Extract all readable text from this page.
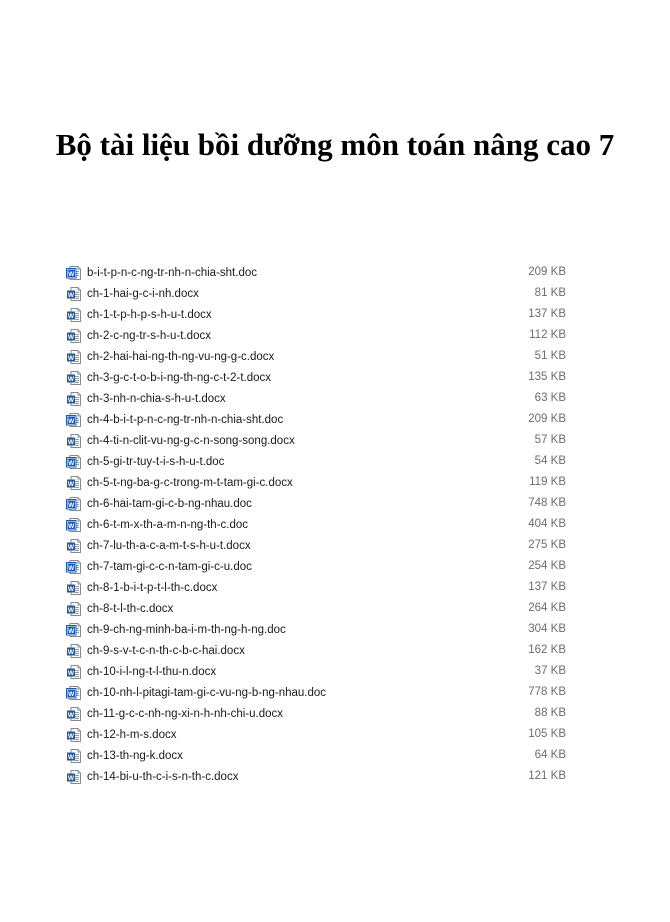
Bộ tài liệu bồi dưỡng môn toán nâng cao 7
W b-i-t-p-n-c-ng-tr-nh-n-chia-sht.doc	209 KB
W ch-1-hai-g-c-i-nh.docx	81 KB
W ch-1-t-p-h-p-s-h-u-t.docx	137 KB
W ch-2-c-ng-tr-s-h-u-t.docx	112 KB
W ch-2-hai-hai-ng-th-ng-vu-ng-g-c.docx	51 KB
W ch-3-g-c-t-o-b-i-ng-th-ng-c-t-2-t.docx	135 KB
W ch-3-nh-n-chia-s-h-u-t.docx	63 KB
W ch-4-b-i-t-p-n-c-ng-tr-nh-n-chia-sht.doc	209 KB
W ch-4-ti-n-clit-vu-ng-g-c-n-song-song.docx	57 KB
W ch-5-gi-tr-tuy-t-i-s-h-u-t.doc	54 KB
W ch-5-t-ng-ba-g-c-trong-m-t-tam-gi-c.docx	119 KB
W ch-6-hai-tam-gi-c-b-ng-nhau.doc	748 KB
W ch-6-t-m-x-th-a-m-n-ng-th-c.doc	404 KB
W ch-7-lu-th-a-c-a-m-t-s-h-u-t.docx	275 KB
W ch-7-tam-gi-c-c-n-tam-gi-c-u.doc	254 KB
W ch-8-1-b-i-t-p-t-l-th-c.docx	137 KB
W ch-8-t-l-th-c.docx	264 KB
W ch-9-ch-ng-minh-ba-i-m-th-ng-h-ng.doc	304 KB
W ch-9-s-v-t-c-n-th-c-b-c-hai.docx	162 KB
W ch-10-i-l-ng-t-l-thu-n.docx	37 KB
W ch-10-nh-l-pitagi-tam-gi-c-vu-ng-b-ng-nhau.doc	778 KB
W ch-11-g-c-c-nh-ng-xi-n-h-nh-chi-u.docx	88 KB
W ch-12-h-m-s.docx	105 KB
W ch-13-th-ng-k.docx	64 KB
W ch-14-bi-u-th-c-i-s-n-th-c.docx	121 KB
